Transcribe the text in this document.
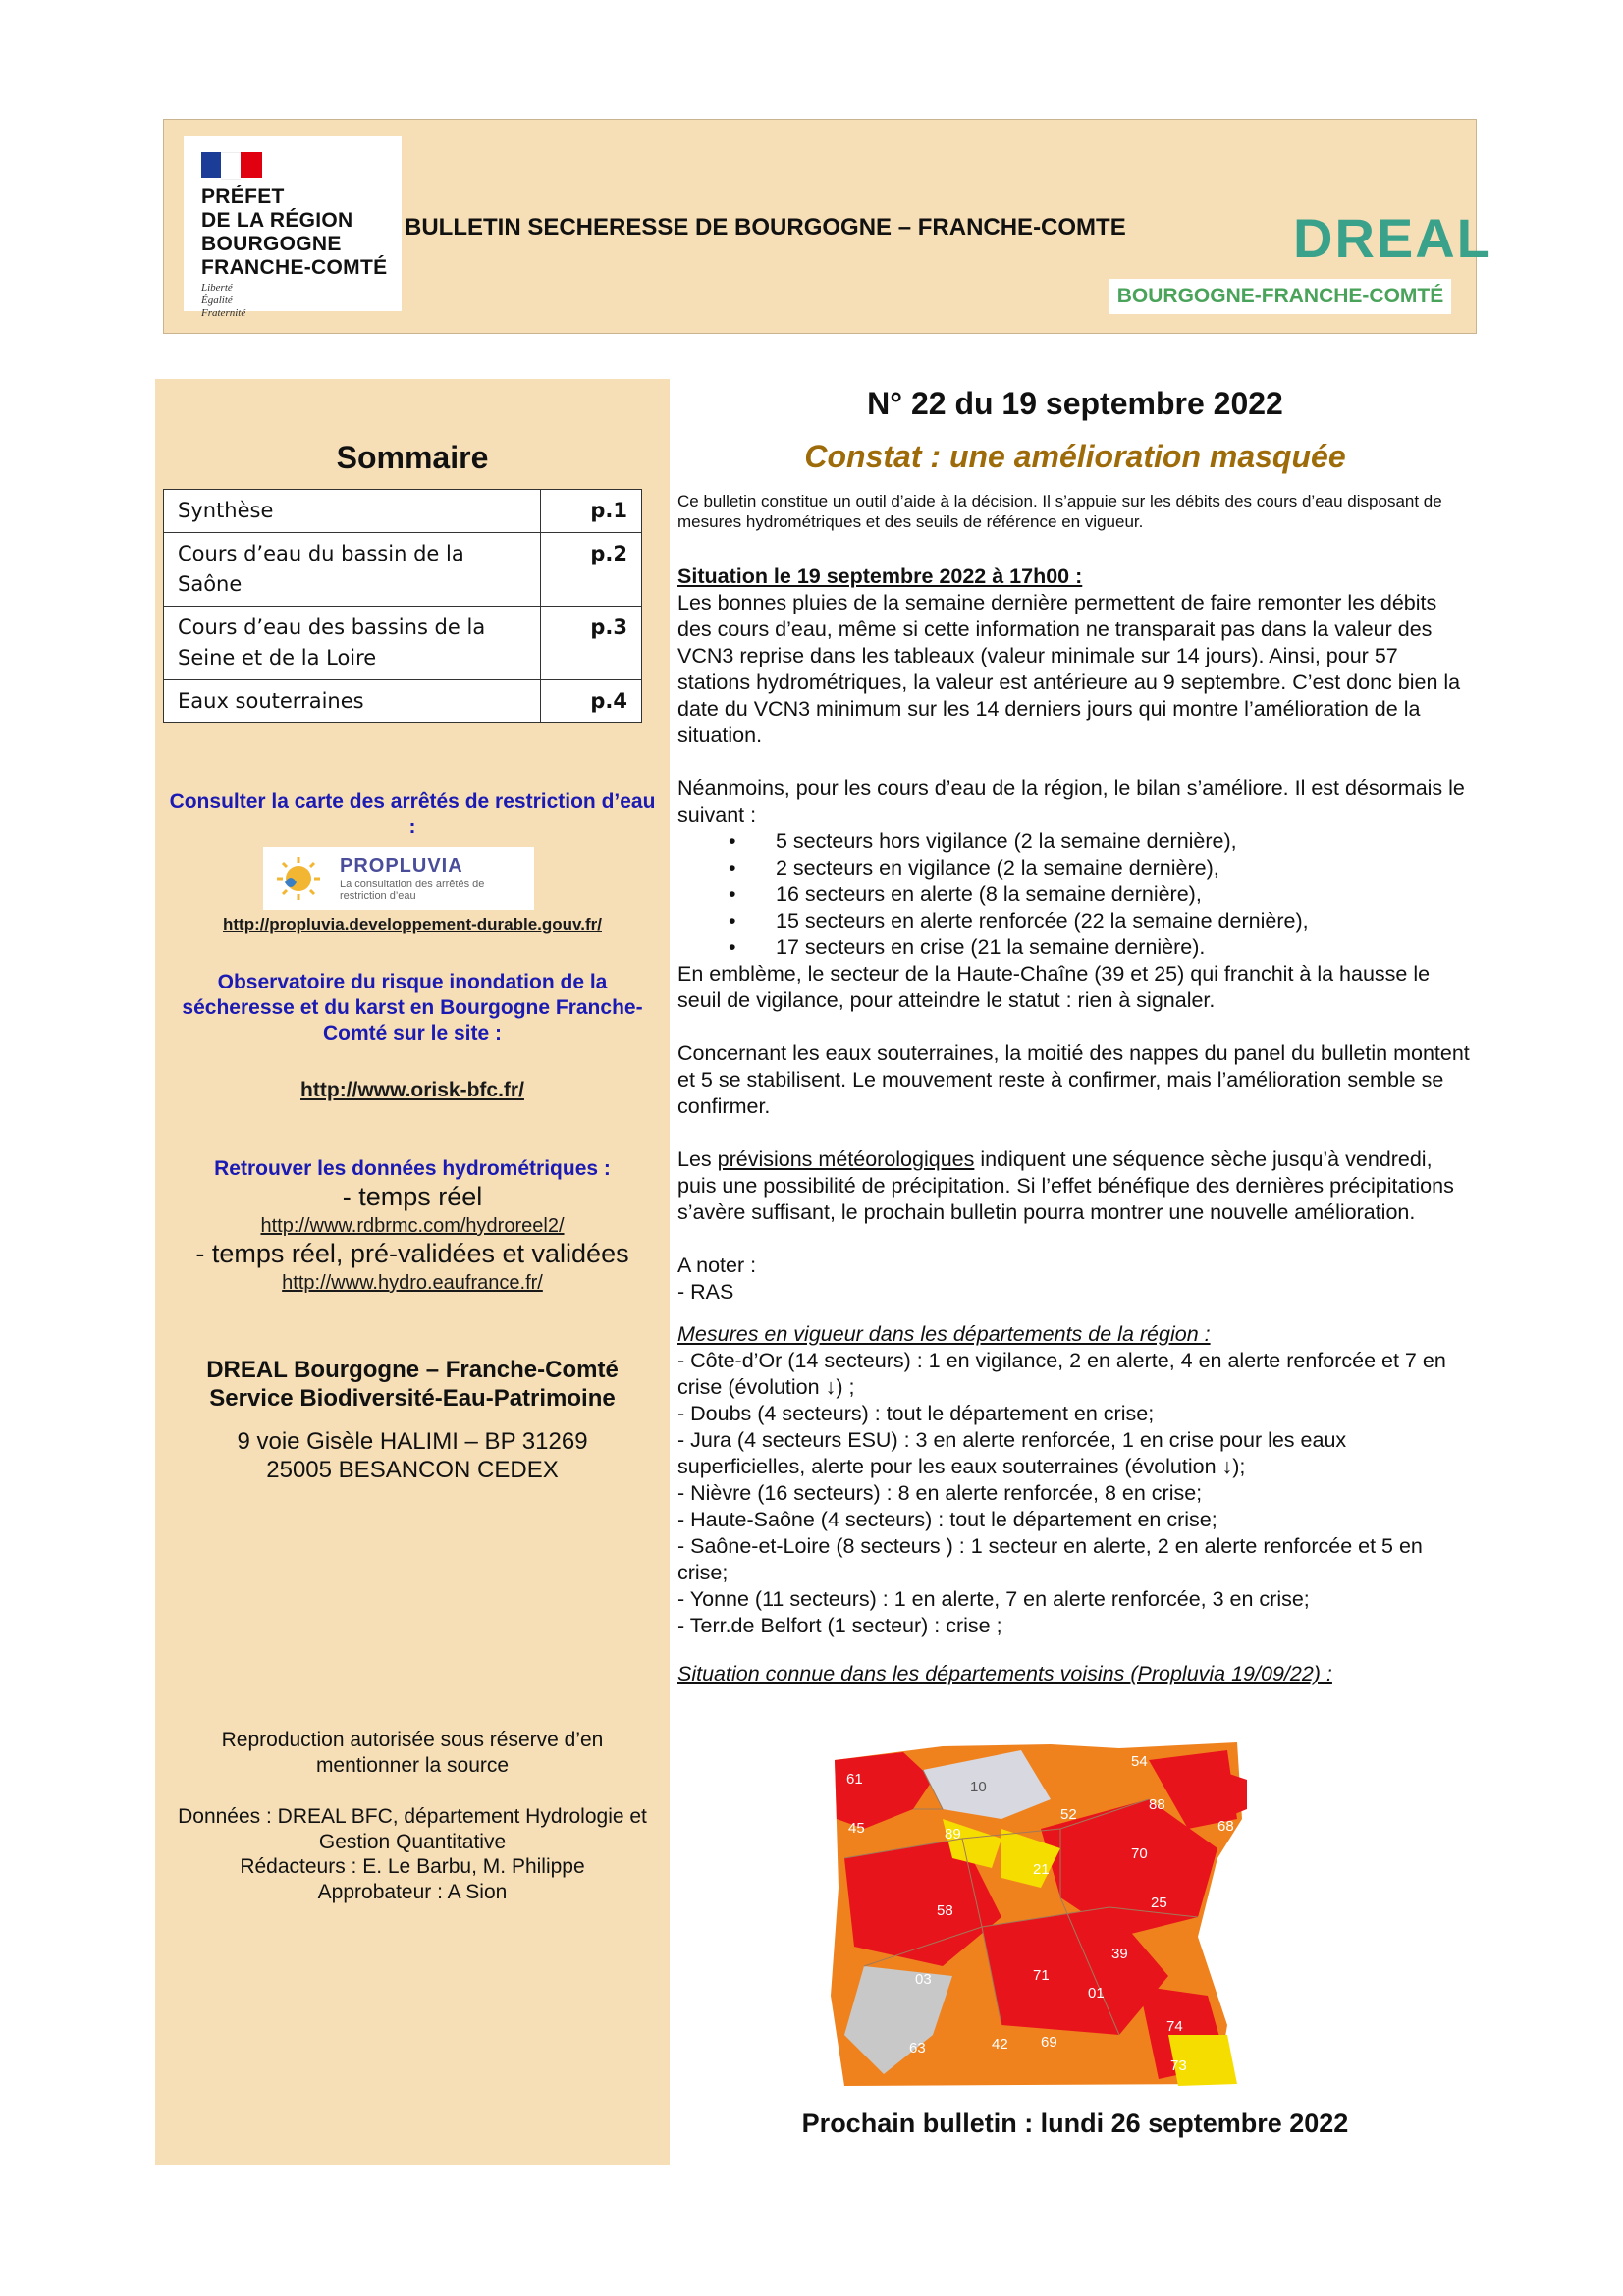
PRÉFET
DE LA RÉGION
BOURGOGNE
FRANCHE-COMTÉ
Liberté
Égalité
Fraternité
BULLETIN SECHERESSE DE BOURGOGNE – FRANCHE-COMTE	DREAL
BOURGOGNE-FRANCHE-COMTÉ
Sommaire
Synthèse	p.1
Cours d’eau du bassin de la Saône	p.2
Cours d’eau des bassins de la Seine et de la Loire	p.3
Eaux souterraines	p.4
Consulter la carte des arrêtés de restriction d’eau :
PROPLUVIA
La consultation des arrêtés de restriction d’eau
http://propluvia.developpement-durable.gouv.fr/
Observatoire du risque inondation de la sécheresse et du karst en Bourgogne Franche-Comté sur le site :
http://www.orisk-bfc.fr/
Retrouver les données hydrométriques :
- temps réel
http://www.rdbrmc.com/hydroreel2/
- temps réel, pré-validées et validées
http://www.hydro.eaufrance.fr/
DREAL Bourgogne – Franche-Comté
Service Biodiversité-Eau-Patrimoine
9 voie Gisèle HALIMI – BP 31269
25005 BESANCON CEDEX
Reproduction autorisée sous réserve d’en mentionner la source
Données : DREAL BFC, département Hydrologie et Gestion Quantitative
Rédacteurs : E. Le Barbu, M. Philippe
Approbateur : A Sion
N° 22 du 19 septembre 2022
Constat : une amélioration masquée
Ce bulletin constitue un outil d’aide à la décision. Il s’appuie sur les débits des cours d’eau disposant de mesures hydrométriques et des seuils de référence en vigueur.
Situation le 19 septembre 2022 à 17h00 :
Les bonnes pluies de la semaine dernière permettent de faire remonter les débits des cours d’eau, même si cette information ne transparait pas dans la valeur des VCN3 reprise dans les tableaux (valeur minimale sur 14 jours). Ainsi, pour 57 stations hydrométriques, la valeur est antérieure au 9 septembre. C’est donc bien la date du VCN3 minimum sur les 14 derniers jours qui montre l’amélioration de la situation.
Néanmoins, pour les cours d’eau de la région, le bilan s’améliore. Il est désormais le suivant :
• 5 secteurs hors vigilance (2 la semaine dernière),
• 2 secteurs en vigilance (2 la semaine dernière),
• 16 secteurs en alerte (8 la semaine dernière),
• 15 secteurs en alerte renforcée (22 la semaine dernière),
• 17 secteurs en crise (21 la semaine dernière).
En emblème, le secteur de la Haute-Chaîne (39 et 25) qui franchit à la hausse le seuil de vigilance, pour atteindre le statut : rien à signaler.
Concernant les eaux souterraines, la moitié des nappes du panel du bulletin montent et 5 se stabilisent. Le mouvement reste à confirmer, mais l’amélioration semble se confirmer.
Les prévisions météorologiques indiquent une séquence sèche jusqu’à vendredi, puis une possibilité de précipitation. Si l’effet bénéfique des dernières précipitations s’avère suffisant, le prochain bulletin pourra montrer une nouvelle amélioration.
A noter :
- RAS
Mesures en vigueur dans les départements de la région :
- Côte-d’Or (14 secteurs) : 1 en vigilance, 2 en alerte, 4 en alerte renforcée et 7 en crise (évolution ↓) ;
- Doubs (4 secteurs) : tout le département en crise;
- Jura (4 secteurs ESU) : 3 en alerte renforcée, 1 en crise pour les eaux superficielles, alerte pour les eaux souterraines (évolution ↓);
- Nièvre (16 secteurs) : 8 en alerte renforcée, 8 en crise;
- Haute-Saône (4 secteurs) : tout le département en crise;
- Saône-et-Loire (8 secteurs ) : 1 secteur en alerte, 2 en alerte renforcée et 5 en crise;
- Yonne (11 secteurs) : 1 en alerte, 7 en alerte renforcée, 3 en crise;
- Terr.de Belfort (1 secteur) : crise ;
Situation connue dans les départements voisins (Propluvia 19/09/22) :
61	10
54
88
52
68
45	89
70
21
25
58
39
03	71
01
74
63	42 69
73
Prochain bulletin : lundi 26 septembre 2022
